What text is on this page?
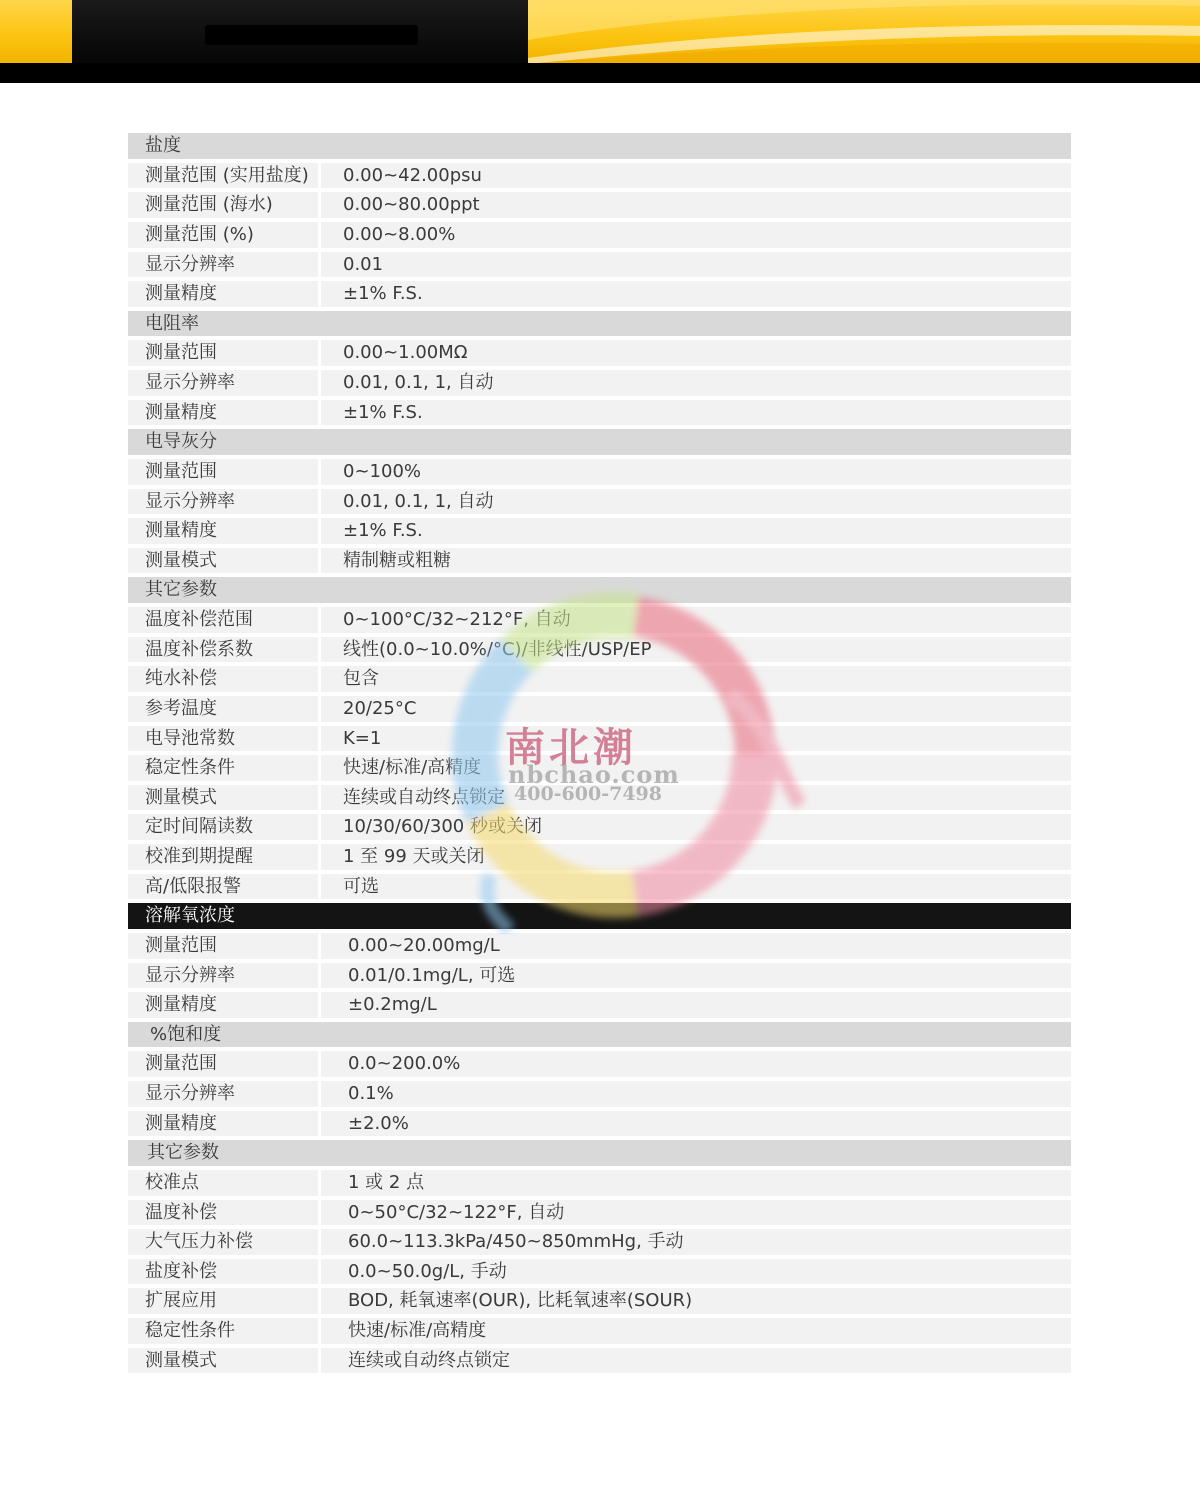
盐度
测量范围 (实用盐度)	0.00~42.00psu
测量范围 (海水)	0.00~80.00ppt
测量范围 (%)	0.00~8.00%
显示分辨率	0.01
测量精度	±1% F.S.
电阻率
测量范围	0.00~1.00MΩ
显示分辨率	0.01, 0.1, 1, 自动
测量精度	±1% F.S.
电导灰分
测量范围	0~100%
显示分辨率	0.01, 0.1, 1, 自动
测量精度	±1% F.S.
测量模式	精制糖或粗糖
其它参数
温度补偿范围	0~100°C/32~212°F, 自动
温度补偿系数	线性(0.0~10.0%/°C)/非线性/USP/EP
纯水补偿	包含
参考温度	20/25°C
电导池常数	K=1
稳定性条件	快速/标准/高精度
测量模式	连续或自动终点锁定
定时间隔读数	10/30/60/300 秒或关闭
校准到期提醒	1 至 99 天或关闭
高/低限报警	可选
溶解氧浓度
测量范围	0.00~20.00mg/L
显示分辨率	0.01/0.1mg/L, 可选
测量精度	±0.2mg/L
%饱和度
测量范围	0.0~200.0%
显示分辨率	0.1%
测量精度	±2.0%
其它参数
校准点	1 或 2 点
温度补偿	0~50°C/32~122°F, 自动
大气压力补偿	60.0~113.3kPa/450~850mmHg, 手动
盐度补偿	0.0~50.0g/L, 手动
扩展应用	BOD, 耗氧速率(OUR), 比耗氧速率(SOUR)
稳定性条件	快速/标准/高精度
测量模式	连续或自动终点锁定
南北潮
nbchao.com
400-600-7498
